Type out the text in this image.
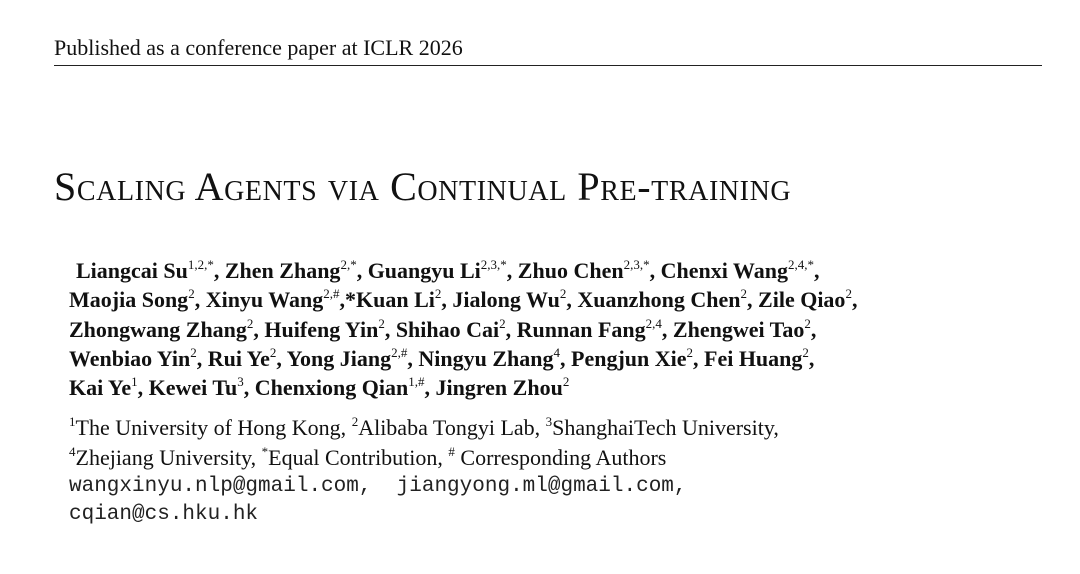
Published as a conference paper at ICLR 2026
Scaling Agents via Continual Pre-training
Liangcai $Su^{1,2,*}$, Zhen Zhang$^{2,*}$, Guangyu $Li^{2,3,*}$, Zhuo Chen$^{2,3,*}$, Chenxi Wang$^{2,4,*}$,
Maojia Song$^2$, Xinyu Wang$^{2,\#}$,*Kuan Li$^2$, Jialong Wu$^2$, Xuanzhong Chen$^2$, Zile Qiao$^2$,
Zhongwang Zhang$^2$, Huifeng Yin$^2$, Shihao Cai$^2$, Runnan Fang$^{2,4}$, Zhengwei Tao$^2$,
Wenbiao Yin$^2$, Rui Ye$^2$, Yong Jiang$^{2,\#}$, Ningyu Zhang$^4$, Pengjun Xie$^2$, Fei Huang$^2$,
Kai Ye$^1$, Kewei Tu$^3$, Chenxiong Qian$^{1,\#}$, Jingren Zhou$^2$
$^1$The University of Hong Kong, $^2$Alibaba Tongyi Lab, $^3$ShanghaiTech University,
$^4$Zhejiang University, *Equal Contribution, # Corresponding Authors
wangxinyu.nlp@gmail.com,  jiangyong.ml@gmail.com,
cqian@cs.hku.hk
